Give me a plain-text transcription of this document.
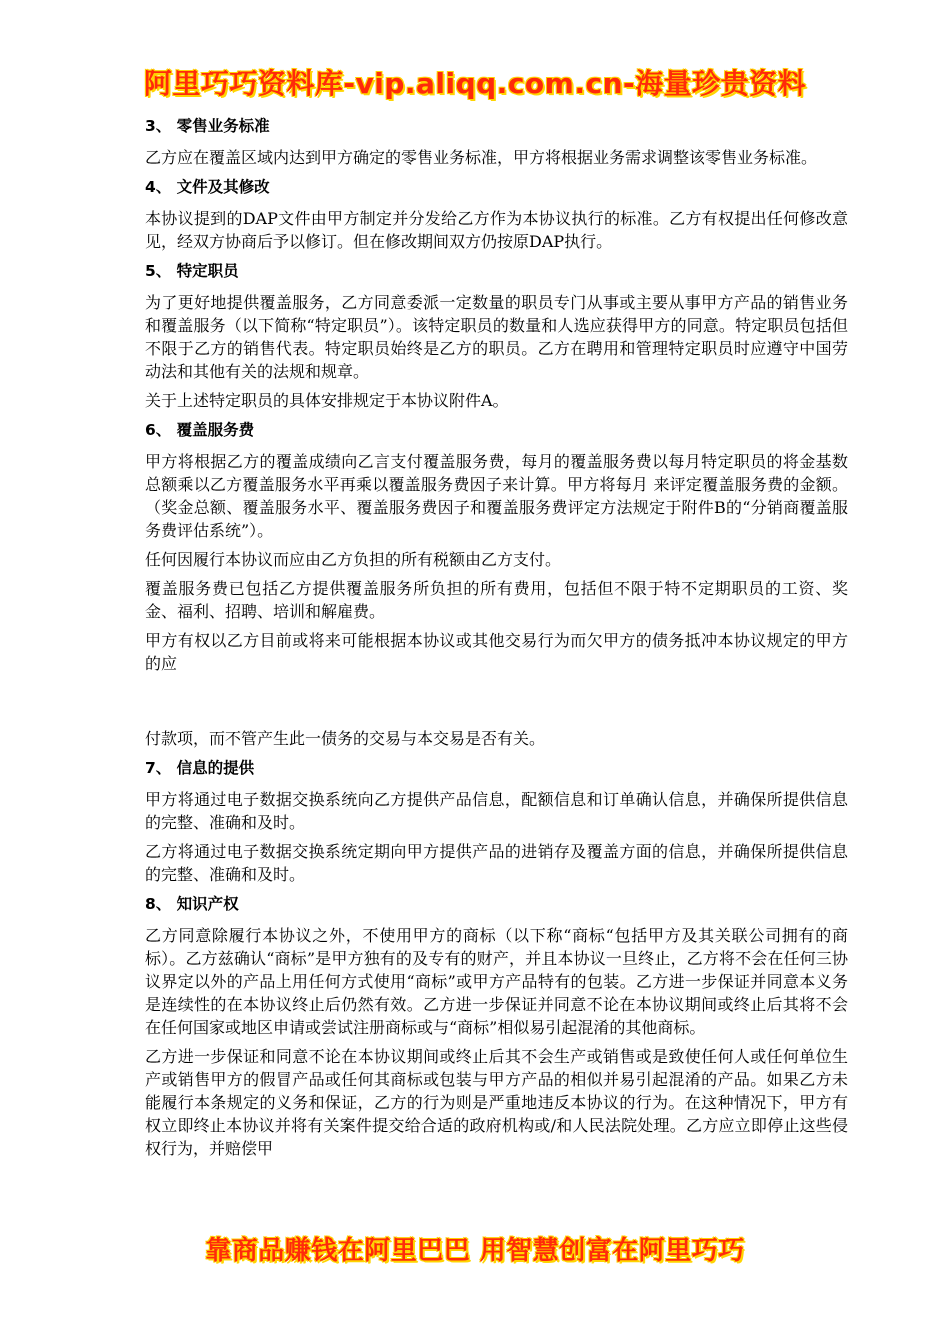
阿里巧巧资料库-vip.aliqq.com.cn-海量珍贵资料
3、 零售业务标准

乙方应在覆盖区域内达到甲方确定的零售业务标准，甲方将根据业务需求调整该零售业务标准。

4、 文件及其修改

本协议提到的DAP文件由甲方制定并分发给乙方作为本协议执行的标准。乙方有权提出任何修改意见，经双方协商后予以修订。但在修改期间双方仍按原DAP执行。

5、 特定职员

为了更好地提供覆盖服务，乙方同意委派一定数量的职员专门从事或主要从事甲方产品的销售业务和覆盖服务（以下简称“特定职员”）。该特定职员的数量和人选应获得甲方的同意。特定职员包括但不限于乙方的销售代表。特定职员始终是乙方的职员。乙方在聘用和管理特定职员时应遵守中国劳动法和其他有关的法规和规章。

关于上述特定职员的具体安排规定于本协议附件A。

6、 覆盖服务费

甲方将根据乙方的覆盖成绩向乙言支付覆盖服务费，每月的覆盖服务费以每月特定职员的将金基数总额乘以乙方覆盖服务水平再乘以覆盖服务费因子来计算。甲方将每月 来评定覆盖服务费的金额。（奖金总额、覆盖服务水平、覆盖服务费因子和覆盖服务费评定方法规定于附件B的“分销商覆盖服务费评估系统”）。

任何因履行本协议而应由乙方负担的所有税额由乙方支付。

覆盖服务费已包括乙方提供覆盖服务所负担的所有费用，包括但不限于特不定期职员的工资、奖金、福利、招聘、培训和解雇费。

甲方有权以乙方目前或将来可能根据本协议或其他交易行为而欠甲方的债务抵冲本协议规定的甲方的应

付款项，而不管产生此一债务的交易与本交易是否有关。

7、 信息的提供

甲方将通过电子数据交换系统向乙方提供产品信息，配额信息和订单确认信息，并确保所提供信息的完整、准确和及时。

乙方将通过电子数据交换系统定期向甲方提供产品的进销存及覆盖方面的信息，并确保所提供信息的完整、准确和及时。

8、 知识产权

乙方同意除履行本协议之外，不使用甲方的商标（以下称“商标“包括甲方及其关联公司拥有的商标）。乙方兹确认“商标”是甲方独有的及专有的财产，并且本协议一旦终止，乙方将不会在任何三协议界定以外的产品上用任何方式使用“商标”或甲方产品特有的包装。乙方进一步保证并同意本义务是连续性的在本协议终止后仍然有效。乙方进一步保证并同意不论在本协议期间或终止后其将不会在任何国家或地区申请或尝试注册商标或与“商标”相似易引起混淆的其他商标。

乙方进一步保证和同意不论在本协议期间或终止后其不会生产或销售或是致使任何人或任何单位生产或销售甲方的假冒产品或任何其商标或包装与甲方产品的相似并易引起混淆的产品。如果乙方未能履行本条规定的义务和保证，乙方的行为则是严重地违反本协议的行为。在这种情况下，甲方有权立即终止本协议并将有关案件提交给合适的政府机构或/和人民法院处理。乙方应立即停止这些侵权行为，并赔偿甲

靠商品赚钱在阿里巴巴 用智慧创富在阿里巧巧
